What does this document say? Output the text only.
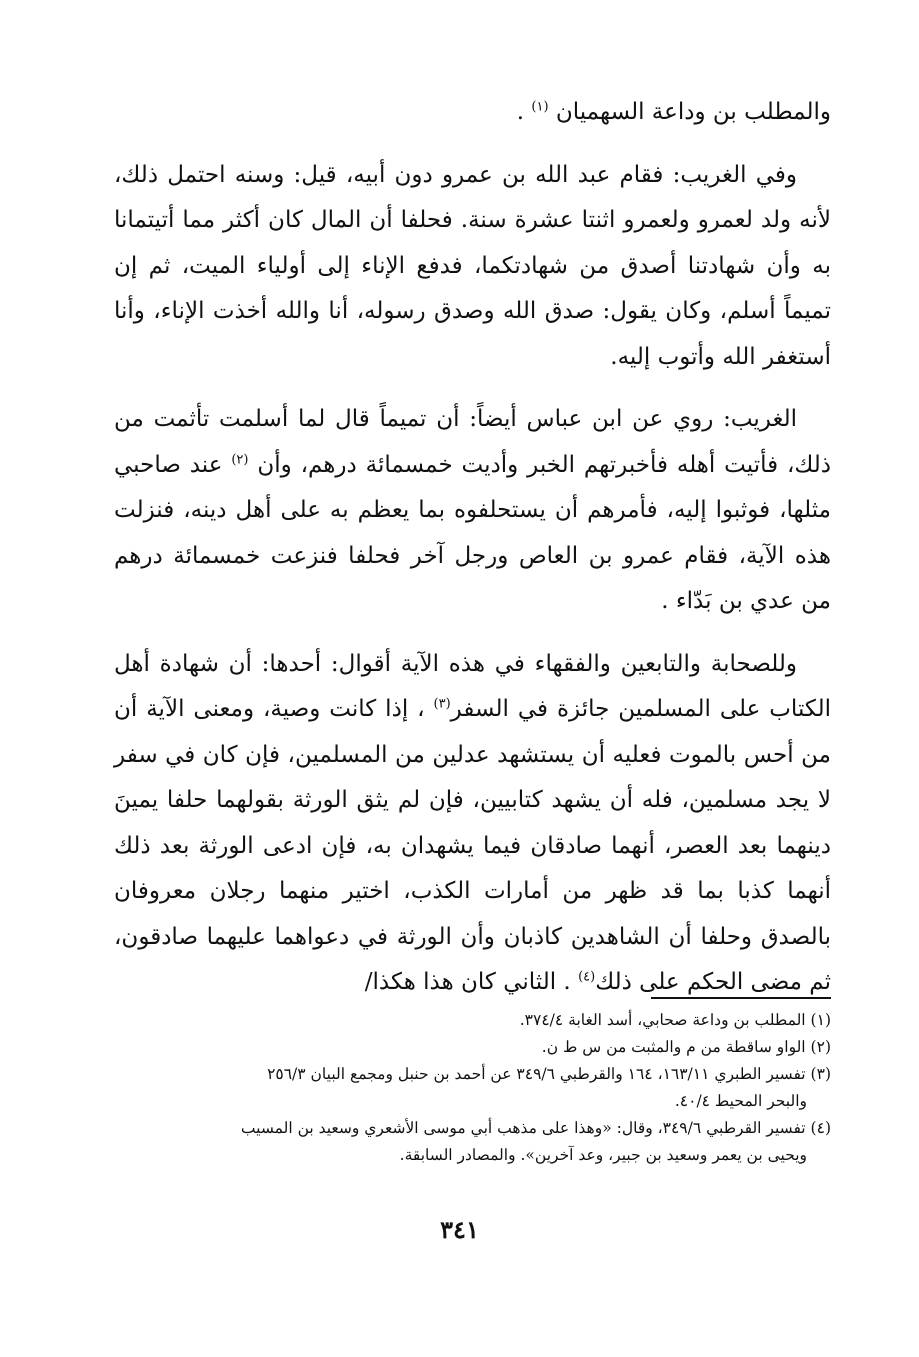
والمطلب بن وداعة السهميان $^{(١)}$ .

وفي الغريب: فقام عبد الله بن عمرو دون أبيه، قيل: وسنه احتمل ذلك، لأنه ولد لعمرو ولعمرو اثنتا عشرة سنة. فحلفا أن المال كان أكثر مما أتيتمانا به وأن شهادتنا أصدق من شهادتكما، فدفع الإناء إلى أولياء الميت، ثم إن تميماً أسلم، وكان يقول: صدق الله وصدق رسوله، أنا والله أخذت الإناء، وأنا أستغفر الله وأتوب إليه.

الغريب: روي عن ابن عباس أيضاً: أن تميماً قال لما أسلمت تأثمت من ذلك، فأتيت أهله فأخبرتهم الخبر وأديت خمسمائة درهم، وأن $^{(٢)}$ عند صاحبي مثلها، فوثبوا إليه، فأمرهم أن يستحلفوه بما يعظم به على أهل دينه، فنزلت هذه الآية، فقام عمرو بن العاص ورجل آخر فحلفا فنزعت خمسمائة درهم من عدي بن بَدّاء .

وللصحابة والتابعين والفقهاء في هذه الآية أقوال: أحدها: أن شهادة أهل الكتاب على المسلمين جائزة في السفر$^{(٣)}$ ، إذا كانت وصية، ومعنى الآية أن من أحس بالموت فعليه أن يستشهد عدلين من المسلمين، فإن كان في سفر لا يجد مسلمين، فله أن يشهد كتابيين، فإن لم يثق الورثة بقولهما حلفا يمينَ دينهما بعد العصر، أنهما صادقان فيما يشهدان به، فإن ادعى الورثة بعد ذلك أنهما كذبا بما قد ظهر من أمارات الكذب، اختير منهما رجلان معروفان بالصدق وحلفا أن الشاهدين كاذبان وأن الورثة في دعواهما عليهما صادقون، ثم مضى الحكم على ذلك$^{(٤)}$ . الثاني كان هذا هكذا/

(١) المطلب بن وداعة صحابي، أسد الغابة ٣٧٤/٤.

(٢) الواو ساقطة من م والمثبت من س ط ن.

(٣) تفسير الطبري ١٦٣/١١، ١٦٤ والقرطبي ٣٤٩/٦ عن أحمد بن حنبل ومجمع البيان ٢٥٦/٣
والبحر المحيط ٤٠/٤.

(٤) تفسير القرطبي ٣٤٩/٦، وقال: «وهذا على مذهب أبي موسى الأشعري وسعيد بن المسيب
ويحيى بن يعمر وسعيد بن جبير، وعد آخرين». والمصادر السابقة.

٣٤١
